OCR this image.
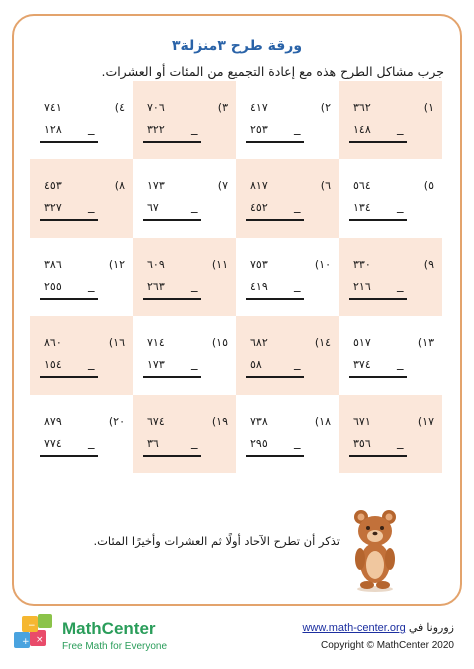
ورقة طرح ٣منزلة٣
جرب مشاكل الطرح هذه مع إعادة التجميع من المئات أو العشرات.
٤)
٧٤١
١٢٨ _
٣)
٧٠٦
٣٢٢ _
٢)
٤١٧
٢٥٣ _
١)
٣٦٢
١٤٨ _
٨)
٤٥٣
٣٢٧ _
٧)
١٧٣
٦٧ _
٦)
٨١٧
٤٥٢ _
٥)
٥٦٤
١٣٤ _
١٢)
٣٨٦
٢٥٥ _
١١)
٦٠٩
٢٦٣ _
١٠)
٧٥٣
٤١٩ _
٩)
٣٣٠
٢١٦ _
١٦)
٨٦٠
١٥٤ _
١٥)
٧١٤
١٧٣ _
١٤)
٦٨٢
٥٨ _
١٣)
٥١٧
٣٧٤ _
٢٠)
٨٧٩
٧٧٤ _
١٩)
٦٧٤
٣٦ _
١٨)
٧٣٨
٢٩٥ _
١٧)
٦٧١
٣٥٦ _
تذكر أن تطرح الآحاد أولًا ثم العشرات وأخيرًا المئات.
+ ×
− MathCenter
Free Math for Everyone
www.math-center.org زورونا في
Copyright © MathCenter 2020
